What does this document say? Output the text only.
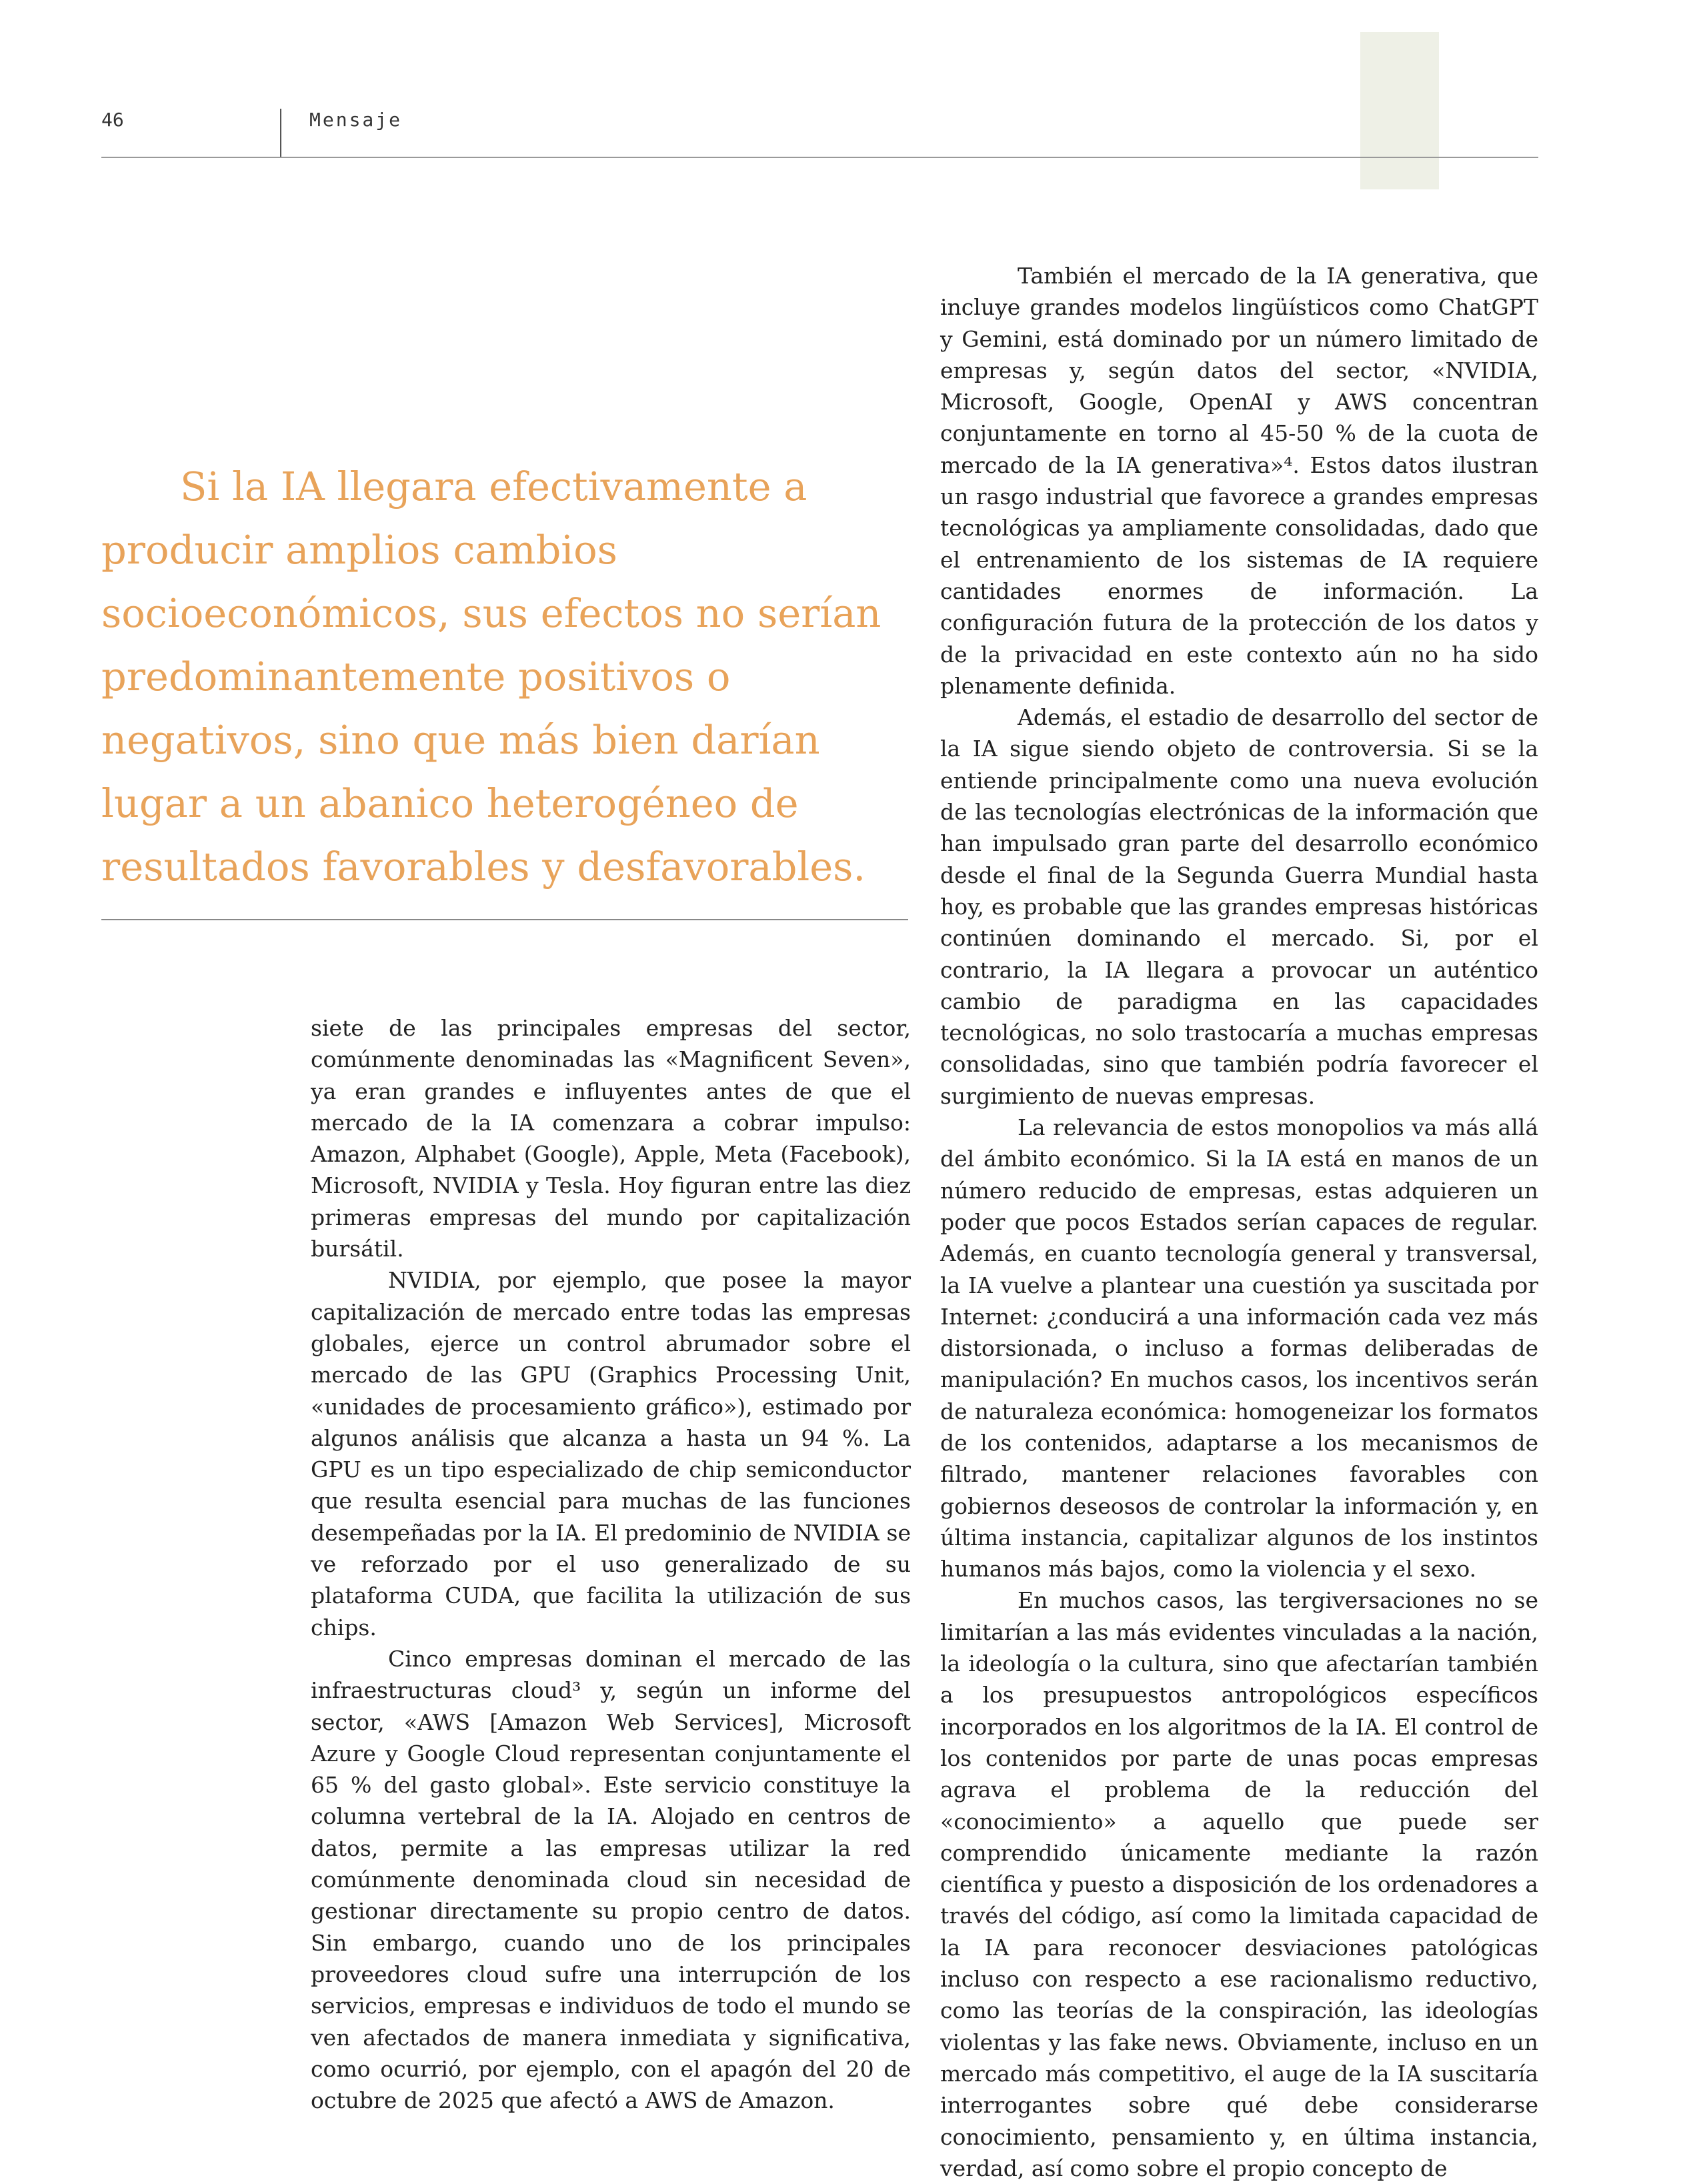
46	Mensaje

Si la IA llegara efectivamente a producir amplios cambios socioeconómicos, sus efectos no serían predominantemente positivos o negativos, sino que más bien darían lugar a un abanico heterogéneo de resultados favorables y desfavorables.

siete de las principales empresas del sector, comúnmente denominadas las «Magnificent Seven», ya eran grandes e influyentes antes de que el mercado de la IA comenzara a cobrar impulso: Amazon, Alphabet (Google), Apple, Meta (Facebook), Microsoft, NVIDIA y Tesla. Hoy figuran entre las diez primeras empresas del mundo por capitalización bursátil.

NVIDIA, por ejemplo, que posee la mayor capitalización de mercado entre todas las empresas globales, ejerce un control abrumador sobre el mercado de las GPU (Graphics Processing Unit, «unidades de procesamiento gráfico»), estimado por algunos análisis que alcanza a hasta un 94 %. La GPU es un tipo especializado de chip semiconductor que resulta esencial para muchas de las funciones desempeñadas por la IA. El predominio de NVIDIA se ve reforzado por el uso generalizado de su plataforma CUDA, que facilita la utilización de sus chips.

Cinco empresas dominan el mercado de las infraestructuras cloud³ y, según un informe del sector, «AWS [Amazon Web Services], Microsoft Azure y Google Cloud representan conjuntamente el 65 % del gasto global». Este servicio constituye la columna vertebral de la IA. Alojado en centros de datos, permite a las empresas utilizar la red comúnmente denominada cloud sin necesidad de gestionar directamente su propio centro de datos. Sin embargo, cuando uno de los principales proveedores cloud sufre una interrupción de los servicios, empresas e individuos de todo el mundo se ven afectados de manera inmediata y significativa, como ocurrió, por ejemplo, con el apagón del 20 de octubre de 2025 que afectó a AWS de Amazon.

También el mercado de la IA generativa, que incluye grandes modelos lingüísticos como ChatGPT y Gemini, está dominado por un número limitado de empresas y, según datos del sector, «NVIDIA, Microsoft, Google, OpenAI y AWS concentran conjuntamente en torno al 45-50 % de la cuota de mercado de la IA generativa»⁴. Estos datos ilustran un rasgo industrial que favorece a grandes empresas tecnológicas ya ampliamente consolidadas, dado que el entrenamiento de los sistemas de IA requiere cantidades enormes de información. La configuración futura de la protección de los datos y de la privacidad en este contexto aún no ha sido plenamente definida.

Además, el estadio de desarrollo del sector de la IA sigue siendo objeto de controversia. Si se la entiende principalmente como una nueva evolución de las tecnologías electrónicas de la información que han impulsado gran parte del desarrollo económico desde el final de la Segunda Guerra Mundial hasta hoy, es probable que las grandes empresas históricas continúen dominando el mercado. Si, por el contrario, la IA llegara a provocar un auténtico cambio de paradigma en las capacidades tecnológicas, no solo trastocaría a muchas empresas consolidadas, sino que también podría favorecer el surgimiento de nuevas empresas.

La relevancia de estos monopolios va más allá del ámbito económico. Si la IA está en manos de un número reducido de empresas, estas adquieren un poder que pocos Estados serían capaces de regular. Además, en cuanto tecnología general y transversal, la IA vuelve a plantear una cuestión ya suscitada por Internet: ¿conducirá a una información cada vez más distorsionada, o incluso a formas deliberadas de manipulación? En muchos casos, los incentivos serán de naturaleza económica: homogeneizar los formatos de los contenidos, adaptarse a los mecanismos de filtrado, mantener relaciones favorables con gobiernos deseosos de controlar la información y, en última instancia, capitalizar algunos de los instintos humanos más bajos, como la violencia y el sexo.

En muchos casos, las tergiversaciones no se limitarían a las más evidentes vinculadas a la nación, la ideología o la cultura, sino que afectarían también a los presupuestos antropológicos específicos incorporados en los algoritmos de la IA. El control de los contenidos por parte de unas pocas empresas agrava el problema de la reducción del «conocimiento» a aquello que puede ser comprendido únicamente mediante la razón científica y puesto a disposición de los ordenadores a través del código, así como la limitada capacidad de la IA para reconocer desviaciones patológicas incluso con respecto a ese racionalismo reductivo, como las teorías de la conspiración, las ideologías violentas y las fake news. Obviamente, incluso en un mercado más competitivo, el auge de la IA suscitaría interrogantes sobre qué debe considerarse conocimiento, pensamiento y, en última instancia, verdad, así como sobre el propio concepto de
